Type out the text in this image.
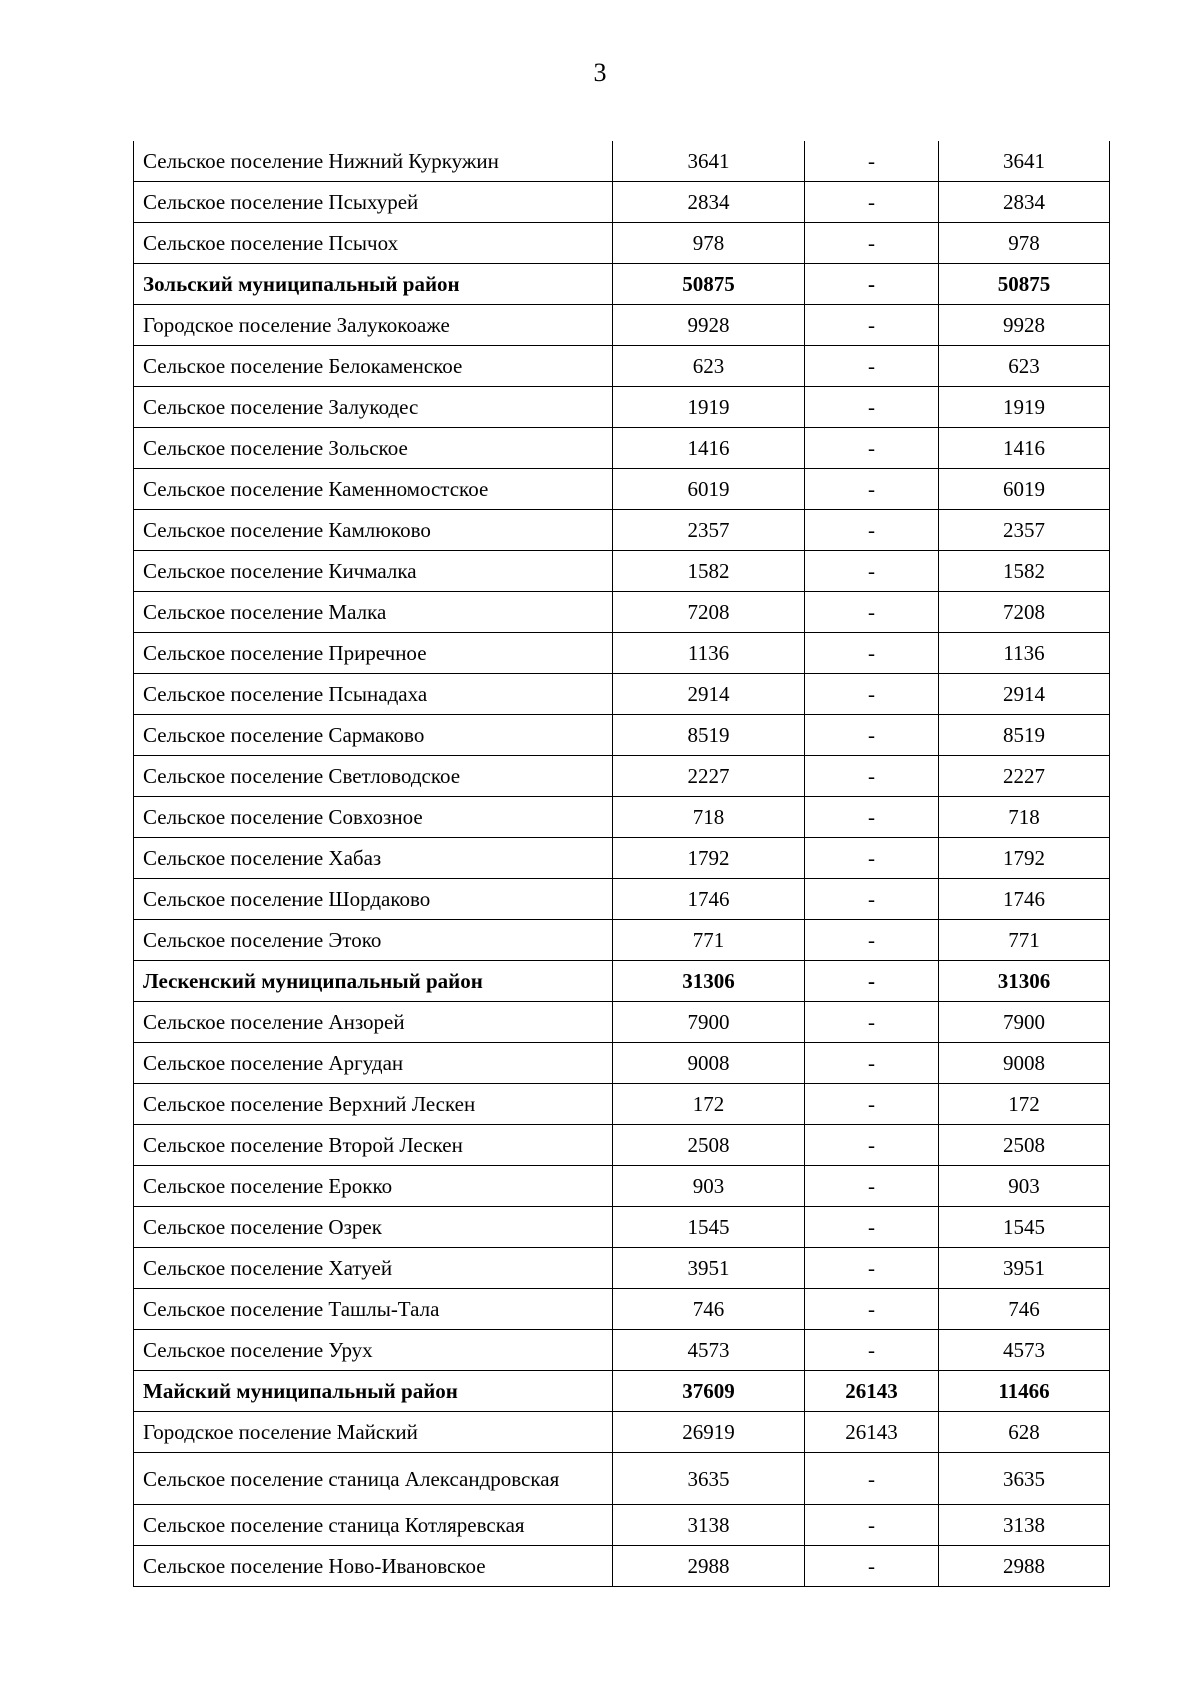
3
Сельское поселение Нижний Куркужин	3641	-	3641
Сельское поселение Псыхурей	2834	-	2834
Сельское поселение Псычох	978	-	978
Зольский муниципальный район	50875	-	50875
Городское поселение Залукокоаже	9928	-	9928
Сельское поселение Белокаменское	623	-	623
Сельское поселение Залукодес	1919	-	1919
Сельское поселение Зольское	1416	-	1416
Сельское поселение Каменномостское	6019	-	6019
Сельское поселение Камлюково	2357	-	2357
Сельское поселение Кичмалка	1582	-	1582
Сельское поселение Малка	7208	-	7208
Сельское поселение Приречное	1136	-	1136
Сельское поселение Псынадаха	2914	-	2914
Сельское поселение Сармаково	8519	-	8519
Сельское поселение Светловодское	2227	-	2227
Сельское поселение Совхозное	718	-	718
Сельское поселение Хабаз	1792	-	1792
Сельское поселение Шордаково	1746	-	1746
Сельское поселение Этоко	771	-	771
Лескенский муниципальный район	31306	-	31306
Сельское поселение Анзорей	7900	-	7900
Сельское поселение Аргудан	9008	-	9008
Сельское поселение Верхний Лескен	172	-	172
Сельское поселение Второй Лескен	2508	-	2508
Сельское поселение Ерокко	903	-	903
Сельское поселение Озрек	1545	-	1545
Сельское поселение Хатуей	3951	-	3951
Сельское поселение Ташлы-Тала	746	-	746
Сельское поселение Урух	4573	-	4573
Майский муниципальный район	37609	26143	11466
Городское поселение Майский	26919	26143	628
Сельское поселение станица Александровская	3635	-	3635
Сельское поселение станица Котляревская	3138	-	3138
Сельское поселение Ново-Ивановское	2988	-	2988
